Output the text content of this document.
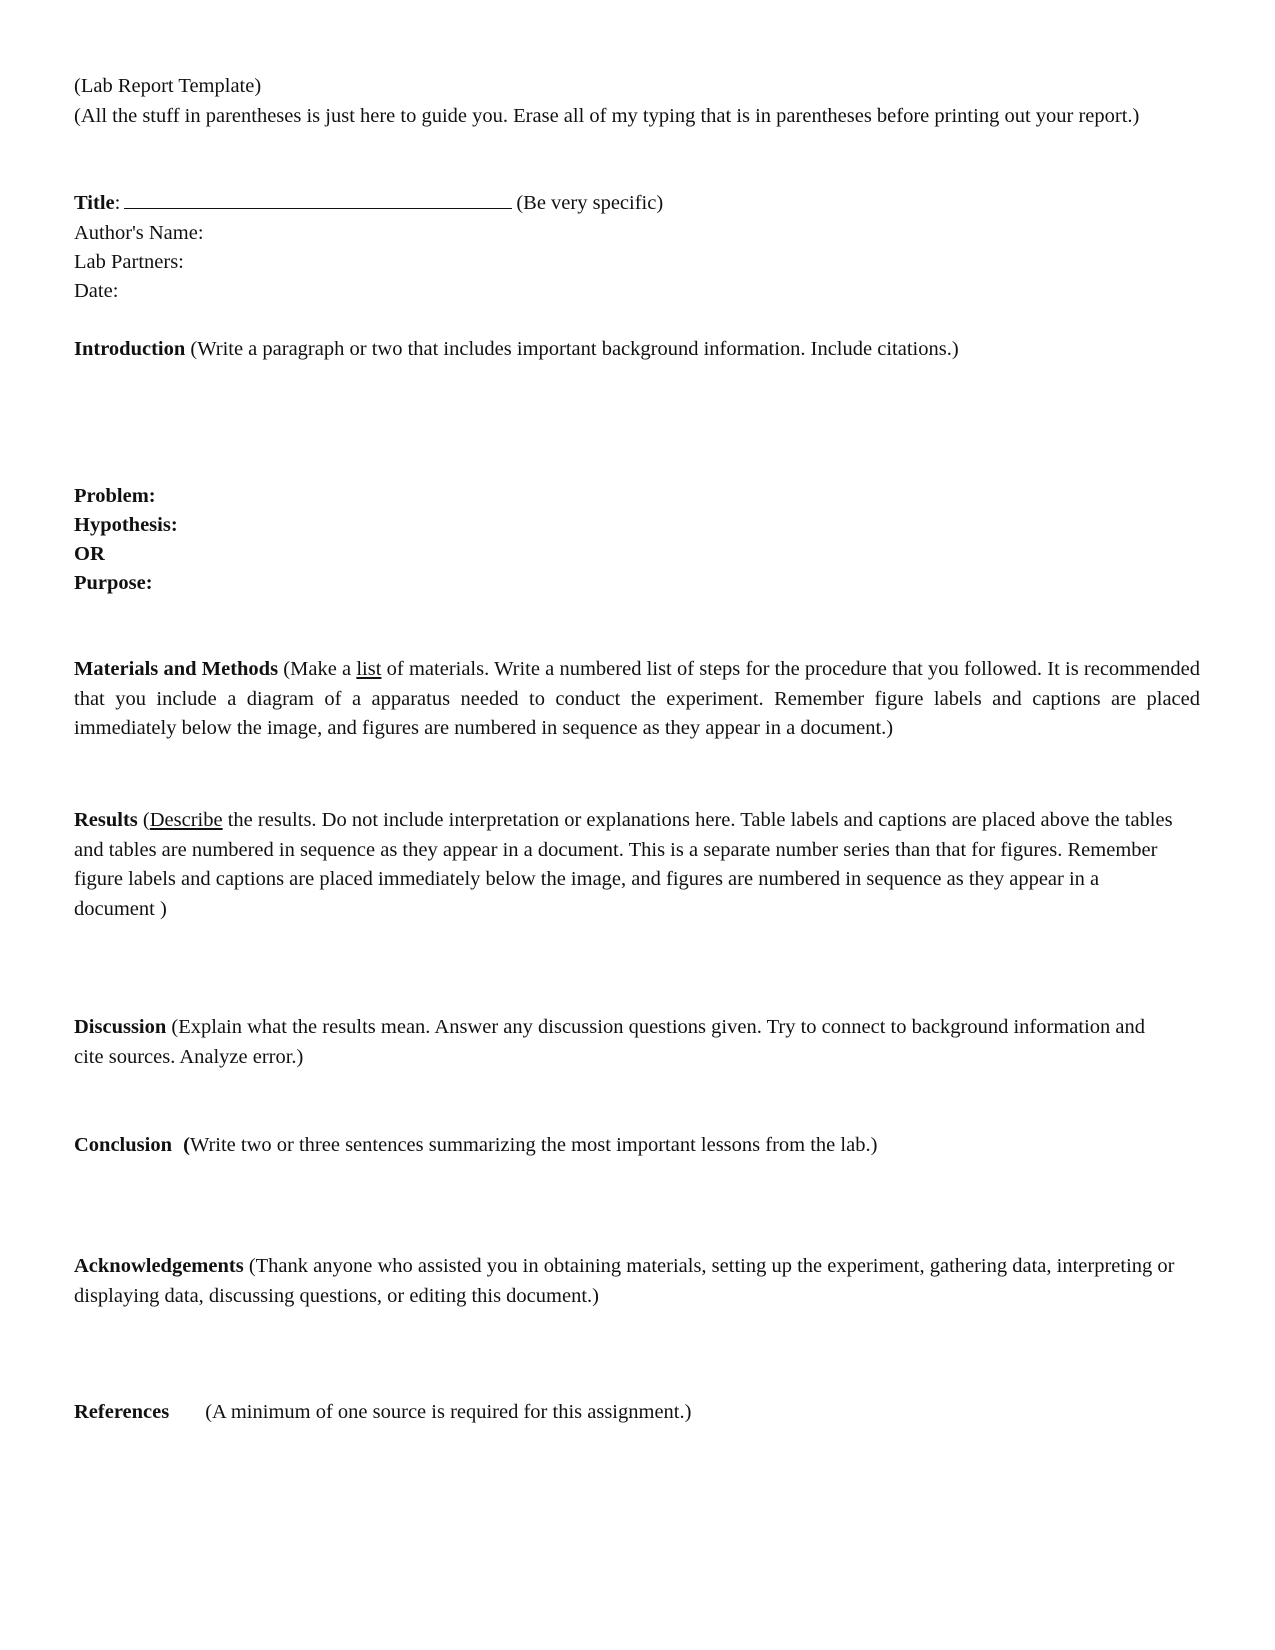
(Lab Report Template)

(All the stuff in parentheses is just here to guide you. Erase all of my typing that is in parentheses before printing out your report.)

Title:	(Be very specific)

Author's Name:

Lab Partners:

Date:

Introduction (Write a paragraph or two that includes important background information. Include citations.)

Problem:

Hypothesis:

OR

Purpose:

Materials and Methods (Make a list of materials. Write a numbered list of steps for the procedure that you followed. It is recommended that you include a diagram of a apparatus needed to conduct the experiment. Remember figure labels and captions are placed immediately below the image, and figures are numbered in sequence as they appear in a document.)

Results (Describe the results. Do not include interpretation or explanations here. Table labels and captions are placed above the tables and tables are numbered in sequence as they appear in a document. This is a separate number series than that for figures. Remember figure labels and captions are placed immediately below the image, and figures are numbered in sequence as they appear in a document )

Discussion (Explain what the results mean. Answer any discussion questions given. Try to connect to background information and cite sources. Analyze error.)

Conclusion (Write two or three sentences summarizing the most important lessons from the lab.)

Acknowledgements (Thank anyone who assisted you in obtaining materials, setting up the experiment, gathering data, interpreting or displaying data, discussing questions, or editing this document.)

References (A minimum of one source is required for this assignment.)
